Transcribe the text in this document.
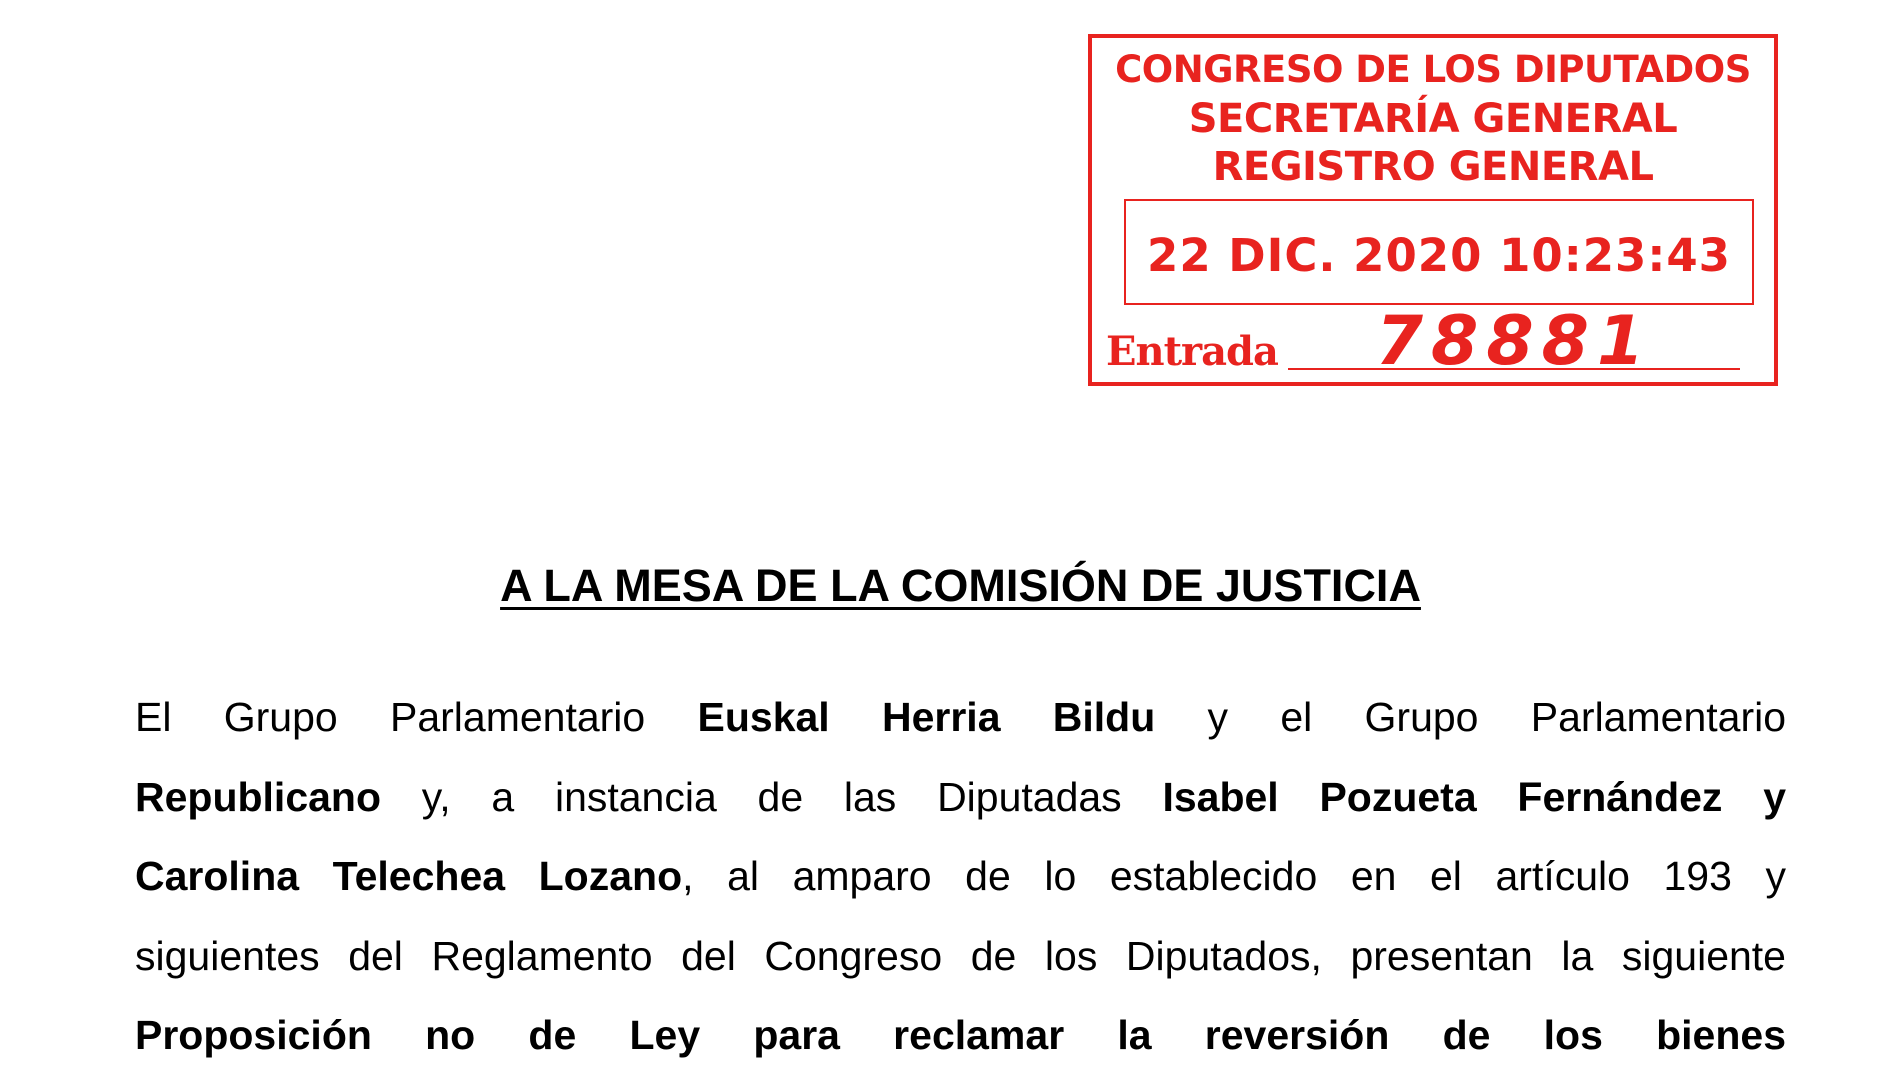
CONGRESO DE LOS DIPUTADOS
SECRETARÍA GENERAL
REGISTRO GENERAL
22 DIC. 2020 10:23:43
Entrada	78881
A LA MESA DE LA COMISIÓN DE JUSTICIA

El Grupo Parlamentario Euskal Herria Bildu y el Grupo Parlamentario
Republicano y, a instancia de las Diputadas Isabel Pozueta Fernández y
Carolina Telechea Lozano, al amparo de lo establecido en el artículo 193 y
siguientes del Reglamento del Congreso de los Diputados, presentan la siguiente
Proposición no de Ley para reclamar la reversión de los bienes
